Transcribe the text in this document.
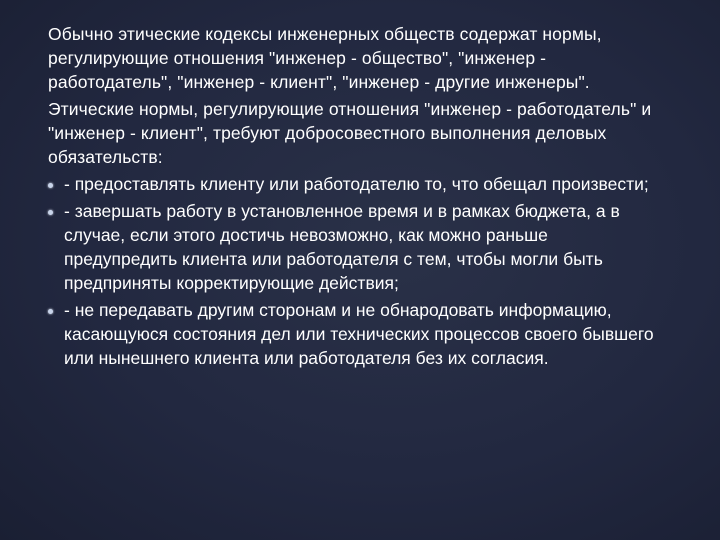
Обычно этические кодексы инженерных обществ содержат нормы, регулирующие отношения "инженер - общество", "инженер - работодатель", "инженер - клиент", "инженер - другие инженеры".

Этические нормы, регулирующие отношения "инженер - работодатель" и "инженер - клиент", требуют добросовестного выполнения деловых обязательств:

- предоставлять клиенту или работодателю то, что обещал произвести;
- завершать работу в установленное время и в рамках бюджета, а в случае, если этого достичь невозможно, как можно раньше предупредить клиента или работодателя с тем, чтобы могли быть предприняты корректирующие действия;
- не передавать другим сторонам и не обнародовать информацию, касающуюся состояния дел или технических процессов своего бывшего или нынешнего клиента или работодателя без их согласия.
